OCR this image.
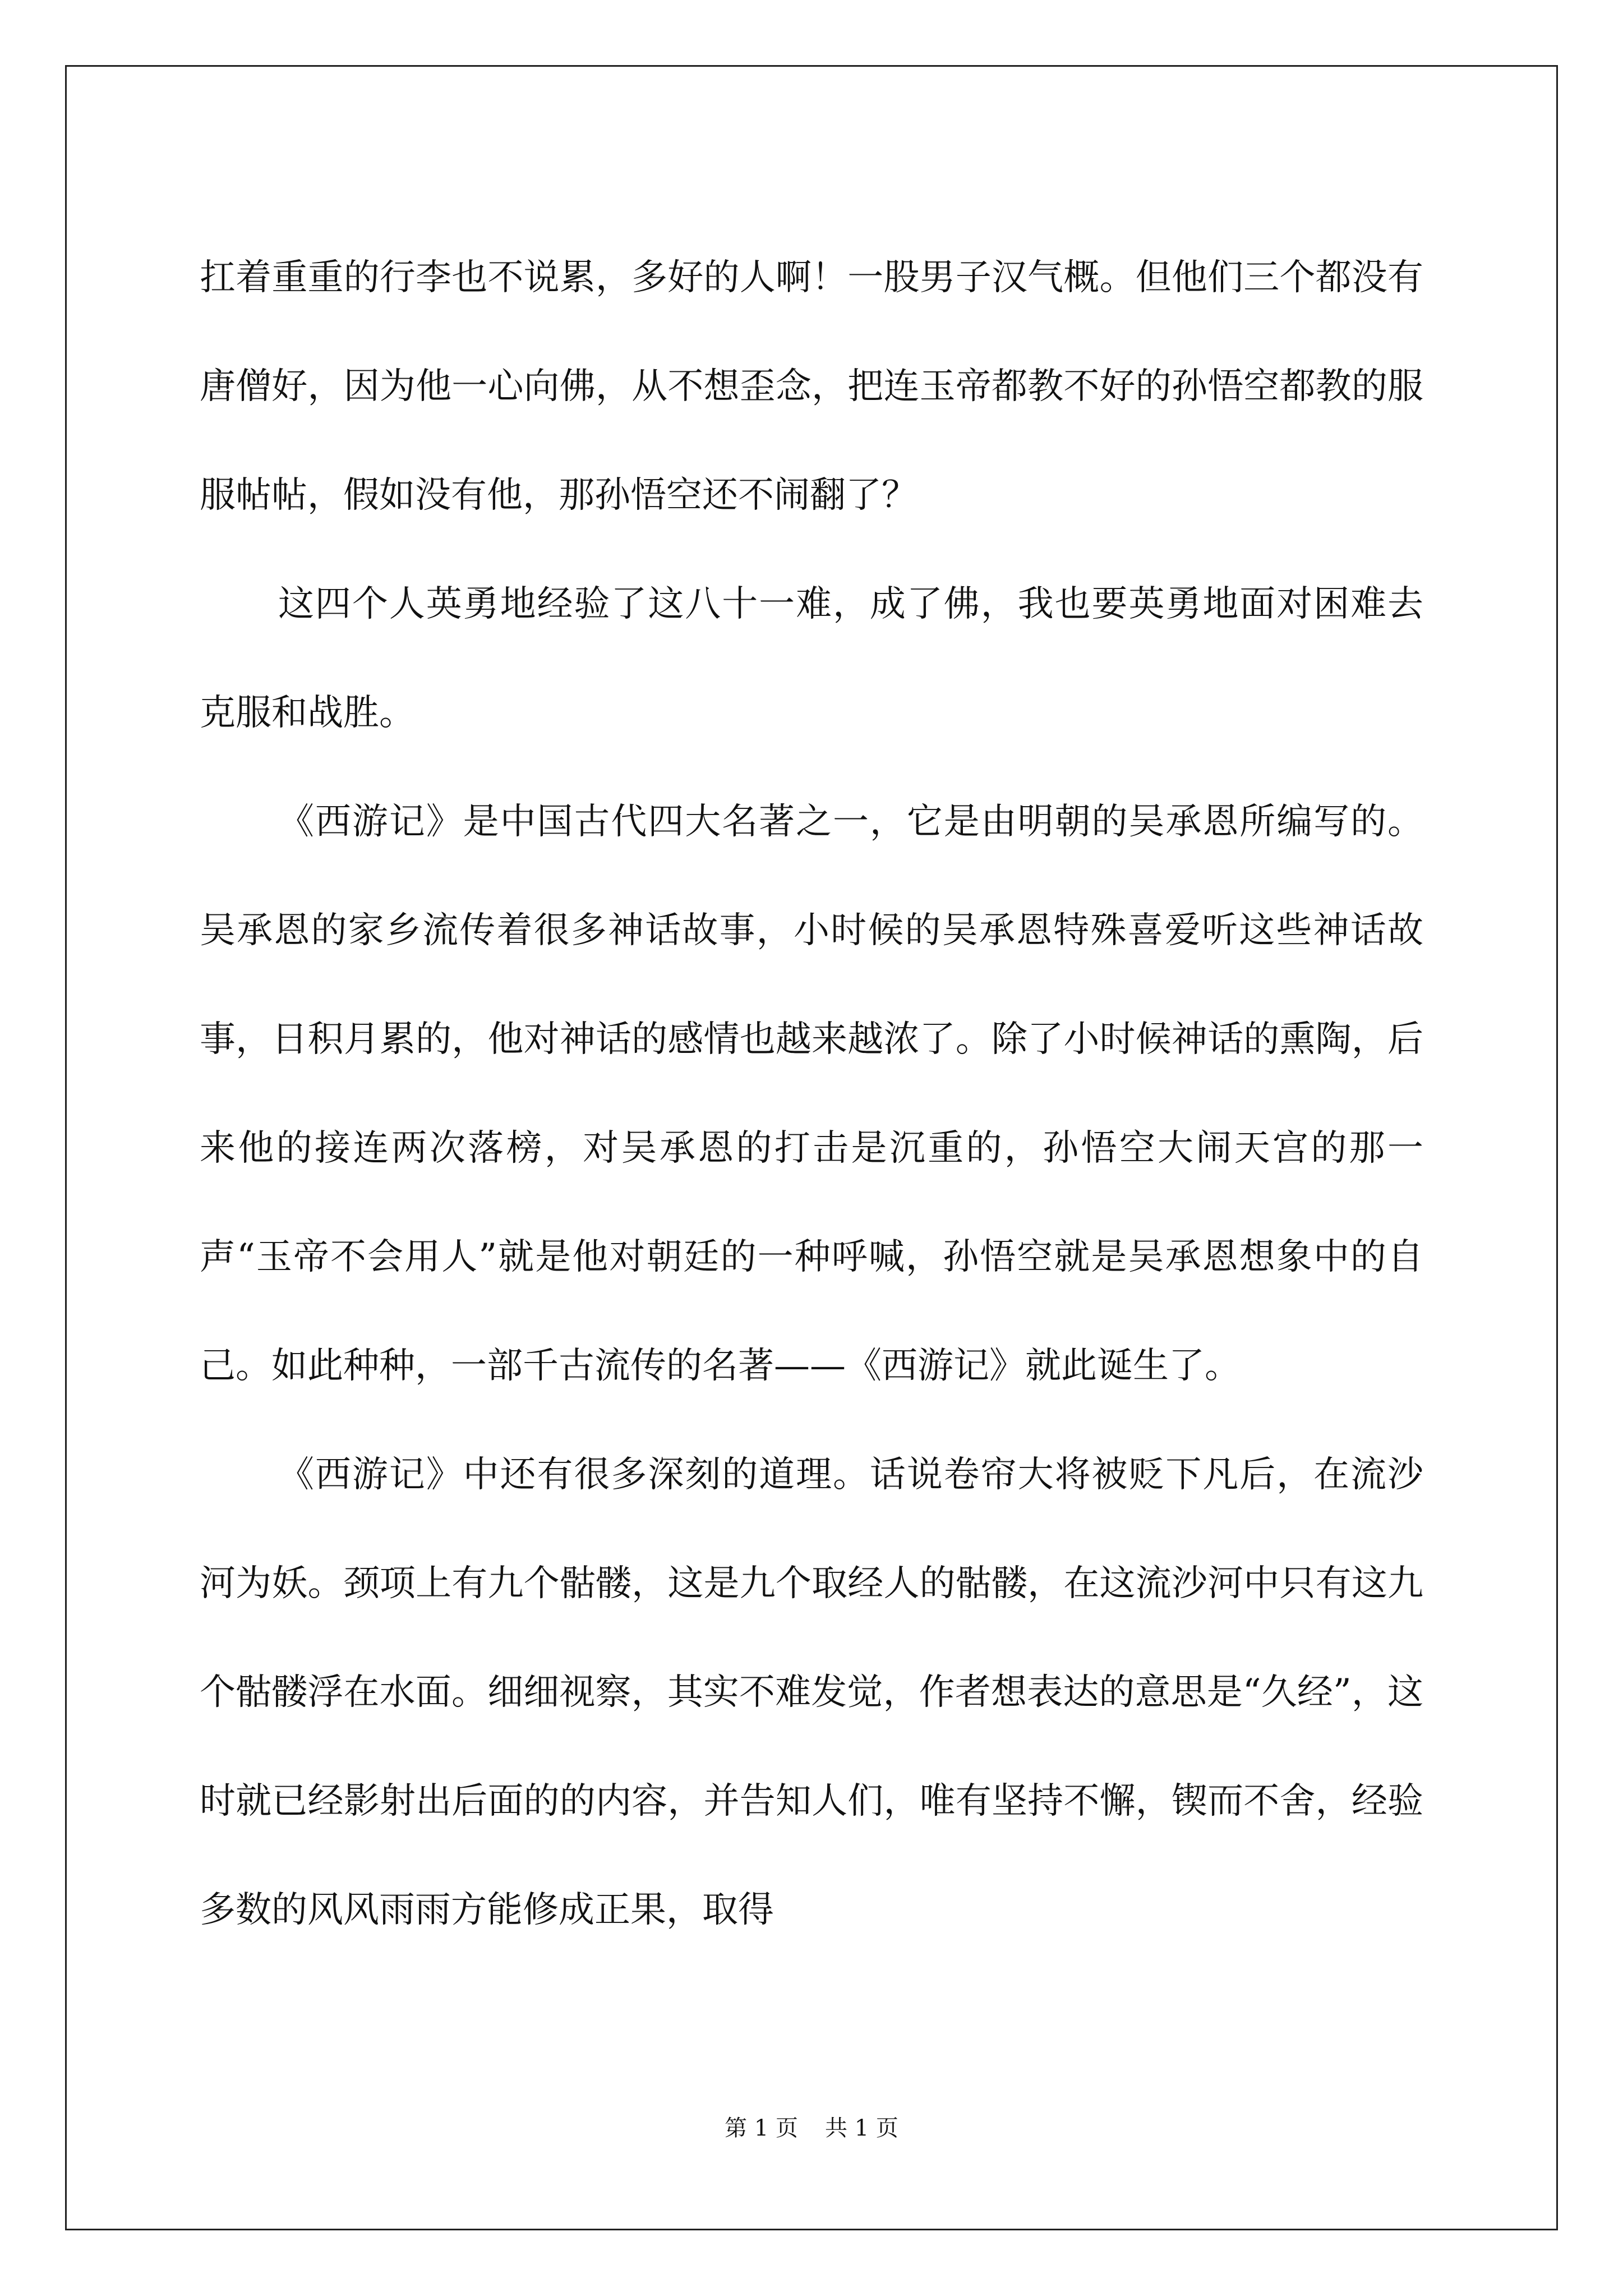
扛着重重的行李也不说累，多好的人啊！一股男子汉气概。但他们三个都没有唐僧好，因为他一心向佛，从不想歪念，把连玉帝都教不好的孙悟空都教的服服帖帖，假如没有他，那孙悟空还不闹翻了？

这四个人英勇地经验了这八十一难，成了佛，我也要英勇地面对困难去克服和战胜。

《西游记》是中国古代四大名著之一，它是由明朝的吴承恩所编写的。吴承恩的家乡流传着很多神话故事，小时候的吴承恩特殊喜爱听这些神话故事，日积月累的，他对神话的感情也越来越浓了。除了小时候神话的熏陶，后来他的接连两次落榜，对吴承恩的打击是沉重的，孙悟空大闹天宫的那一声“玉帝不会用人”就是他对朝廷的一种呼喊，孙悟空就是吴承恩想象中的自己。如此种种，一部千古流传的名著——《西游记》就此诞生了。

《西游记》中还有很多深刻的道理。话说卷帘大将被贬下凡后，在流沙河为妖。颈项上有九个骷髅，这是九个取经人的骷髅，在这流沙河中只有这九个骷髅浮在水面。细细视察，其实不难发觉，作者想表达的意思是“久经”，这时就已经影射出后面的的内容，并告知人们，唯有坚持不懈，锲而不舍，经验多数的风风雨雨方能修成正果，取得

第 1 页 共 1 页
